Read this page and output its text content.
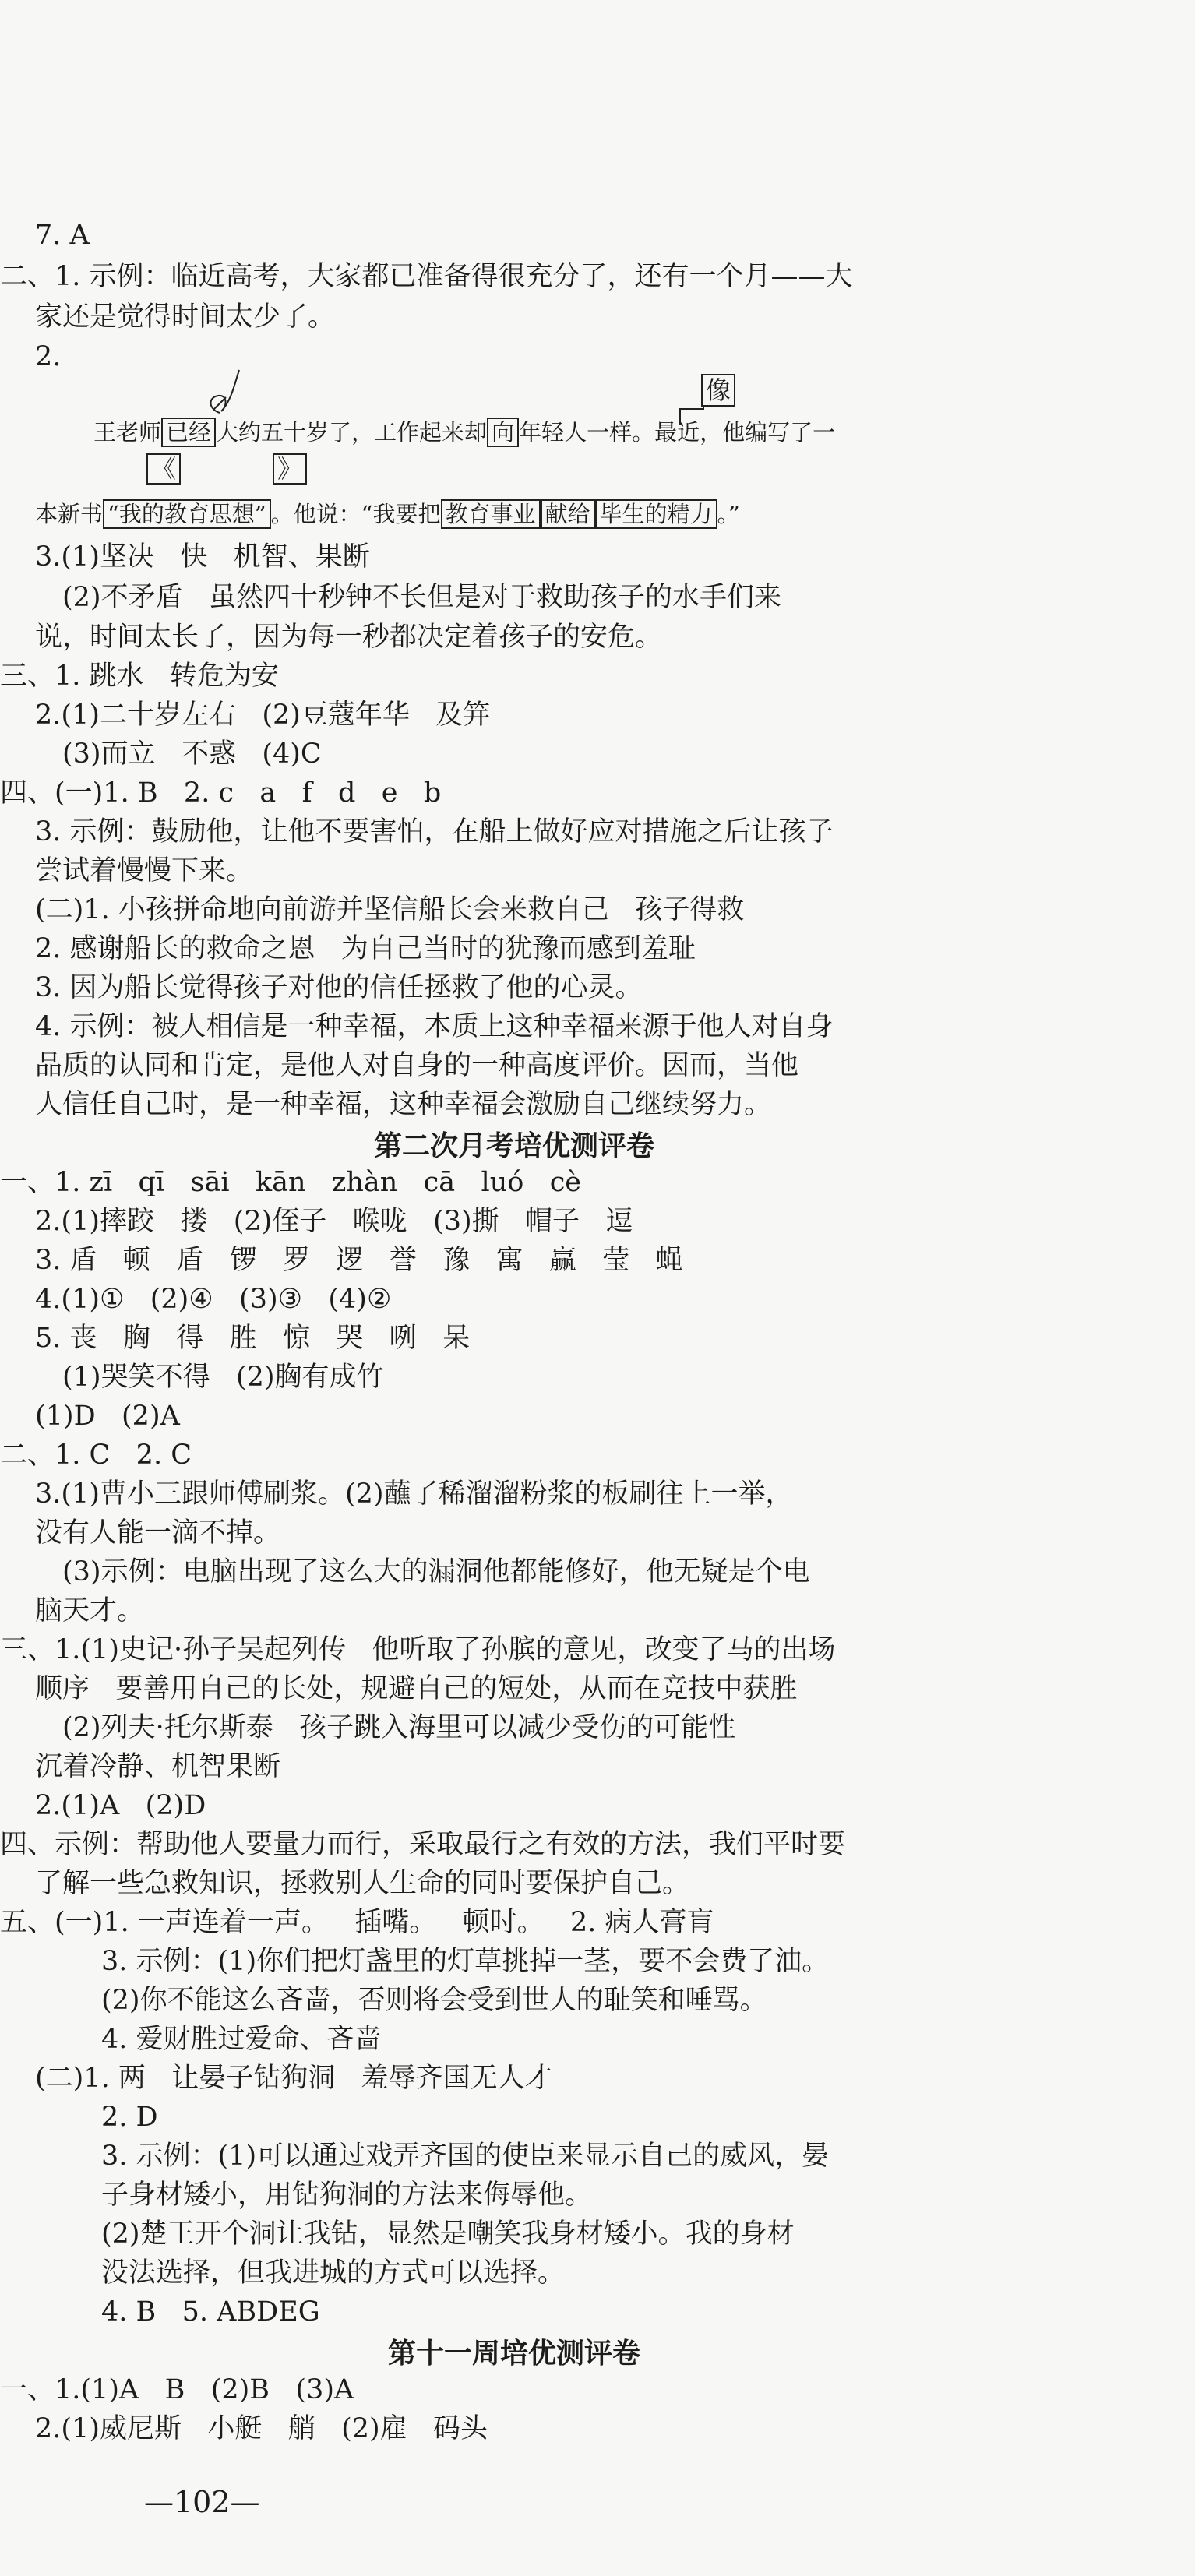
7. A
二、1. 示例：临近高考，大家都已准备得很充分了，还有一个月——大
家还是觉得时间太少了。
2.
像
王老师 已经 大约五十岁了，工作起来却 向 年轻人一样。最近，他编写了一
《	》
本新书 “我的教育思想” 。他说：“我要把 教育事业 献给 毕生的精力 。”
3.(1)坚决   快   机智、果断
(2)不矛盾   虽然四十秒钟不长但是对于救助孩子的水手们来
说，时间太长了，因为每一秒都决定着孩子的安危。
三、1. 跳水   转危为安
2.(1)二十岁左右   (2)豆蔻年华   及笄
(3)而立   不惑   (4)C
四、(一)1. B   2. c   a   f   d   e   b
3. 示例：鼓励他，让他不要害怕，在船上做好应对措施之后让孩子
尝试着慢慢下来。
(二)1. 小孩拼命地向前游并坚信船长会来救自己   孩子得救
2. 感谢船长的救命之恩   为自己当时的犹豫而感到羞耻
3. 因为船长觉得孩子对他的信任拯救了他的心灵。
4. 示例：被人相信是一种幸福，本质上这种幸福来源于他人对自身
品质的认同和肯定，是他人对自身的一种高度评价。因而，当他
人信任自己时，是一种幸福，这种幸福会激励自己继续努力。
第二次月考培优测评卷
一、1. zī   qī   sāi   kān   zhàn   cā   luó   cè
2.(1)摔跤   搂   (2)侄子   喉咙   (3)撕   帽子   逗
3. 盾   顿   盾   锣   罗   逻   誉   豫   寓   赢   莹   蝇
4.(1)①   (2)④   (3)③   (4)②
5. 丧   胸   得   胜   惊   哭   咧   呆
(1)哭笑不得   (2)胸有成竹
(1)D   (2)A
二、1. C   2. C
3.(1)曹小三跟师傅刷浆。(2)蘸了稀溜溜粉浆的板刷往上一举，
没有人能一滴不掉。
(3)示例：电脑出现了这么大的漏洞他都能修好，他无疑是个电
脑天才。
三、1.(1)史记·孙子吴起列传   他听取了孙膑的意见，改变了马的出场
顺序   要善用自己的长处，规避自己的短处，从而在竞技中获胜
(2)列夫·托尔斯泰   孩子跳入海里可以减少受伤的可能性
沉着冷静、机智果断
2.(1)A   (2)D
四、示例：帮助他人要量力而行，采取最行之有效的方法，我们平时要
了解一些急救知识，拯救别人生命的同时要保护自己。
五、(一)1. 一声连着一声。   插嘴。   顿时。   2. 病人膏肓
3. 示例：(1)你们把灯盏里的灯草挑掉一茎，要不会费了油。
(2)你不能这么吝啬，否则将会受到世人的耻笑和唾骂。
4. 爱财胜过爱命、吝啬
(二)1. 两   让晏子钻狗洞   羞辱齐国无人才
2. D
3. 示例：(1)可以通过戏弄齐国的使臣来显示自己的威风，晏
子身材矮小，用钻狗洞的方法来侮辱他。
(2)楚王开个洞让我钻，显然是嘲笑我身材矮小。我的身材
没法选择，但我进城的方式可以选择。
4. B   5. ABDEG
第十一周培优测评卷
一、1.(1)A   B   (2)B   (3)A
2.(1)威尼斯   小艇   艄   (2)雇   码头
—102—
